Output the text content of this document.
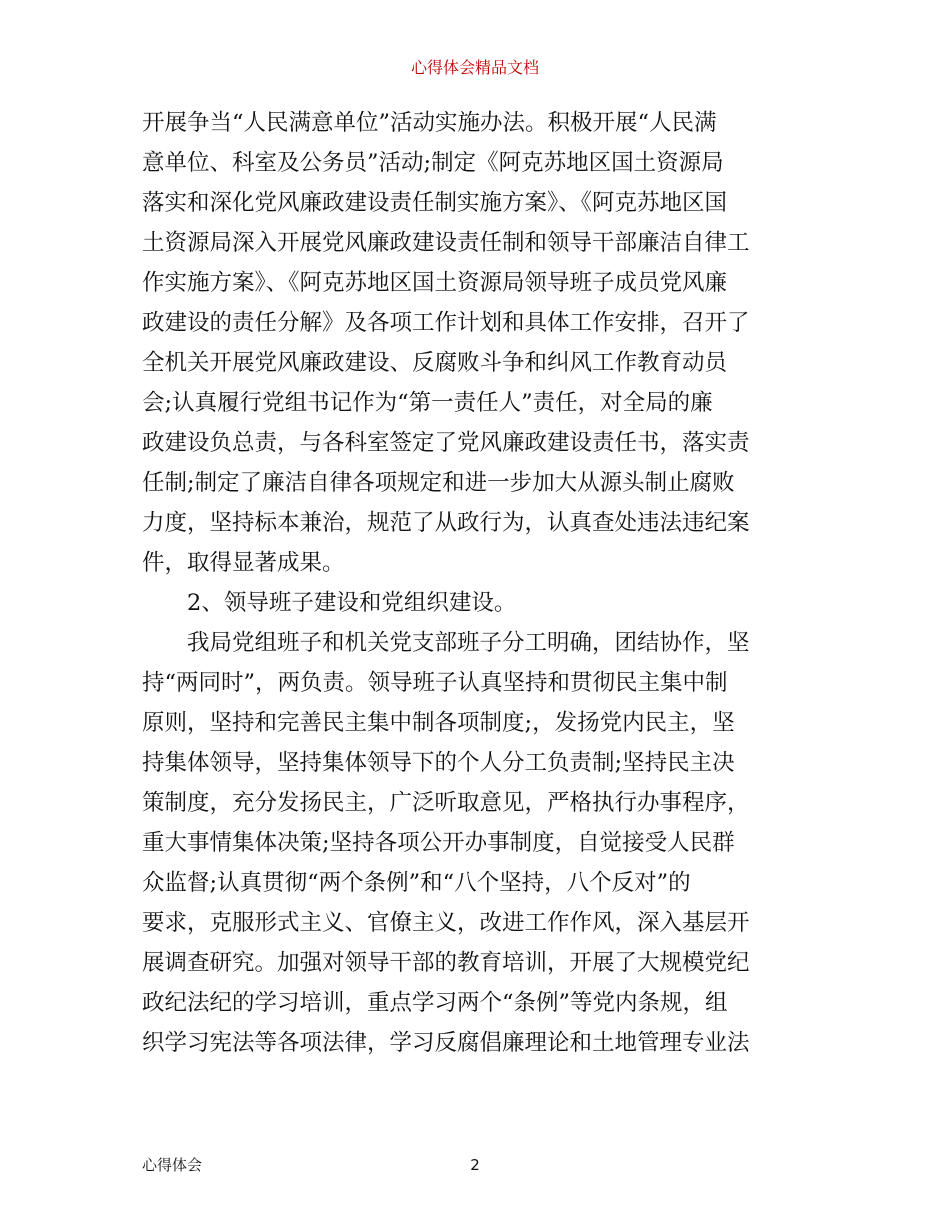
心得体会精品文档
开展争当“人民满意单位”活动实施办法。积极开展“人民满
意单位、科室及公务员”活动;制定《阿克苏地区国土资源局
落实和深化党风廉政建设责任制实施方案》、《阿克苏地区国
土资源局深入开展党风廉政建设责任制和领导干部廉洁自律工
作实施方案》、《阿克苏地区国土资源局领导班子成员党风廉
政建设的责任分解》及各项工作计划和具体工作安排，召开了
全机关开展党风廉政建设、反腐败斗争和纠风工作教育动员
会;认真履行党组书记作为“第一责任人”责任，对全局的廉
政建设负总责，与各科室签定了党风廉政建设责任书，落实责
任制;制定了廉洁自律各项规定和进一步加大从源头制止腐败
力度，坚持标本兼治，规范了从政行为，认真查处违法违纪案
件，取得显著成果。
2、领导班子建设和党组织建设。
我局党组班子和机关党支部班子分工明确，团结协作，坚
持“两同时”，两负责。领导班子认真坚持和贯彻民主集中制
原则，坚持和完善民主集中制各项制度;，发扬党内民主，坚
持集体领导，坚持集体领导下的个人分工负责制;坚持民主决
策制度，充分发扬民主，广泛听取意见，严格执行办事程序，
重大事情集体决策;坚持各项公开办事制度，自觉接受人民群
众监督;认真贯彻“两个条例”和“八个坚持，八个反对”的
要求，克服形式主义、官僚主义，改进工作作风，深入基层开
展调查研究。加强对领导干部的教育培训，开展了大规模党纪
政纪法纪的学习培训，重点学习两个“条例”等党内条规，组
织学习宪法等各项法律，学习反腐倡廉理论和土地管理专业法
心得体会	2
